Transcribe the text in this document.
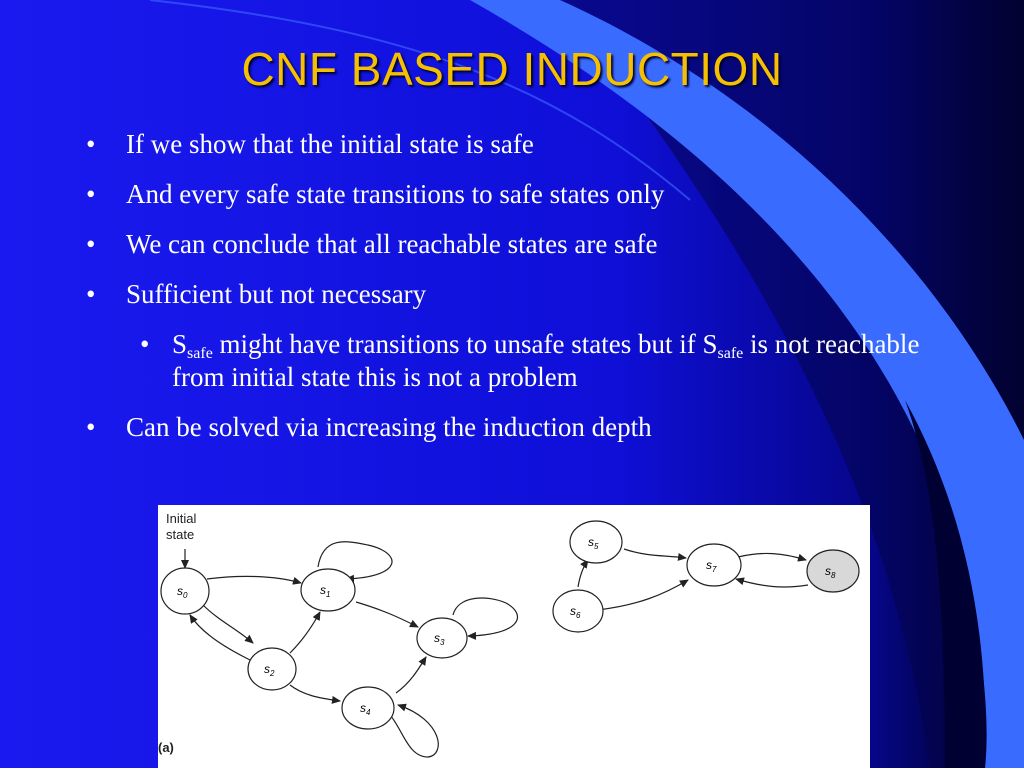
CNF BASED INDUCTION
• If we show that the initial state is safe
• And every safe state transitions to safe states only
• We can conclude that all reachable states are safe
• Sufficient but not necessary
• $S_{safe}$ might have transitions to unsafe states but if $S_{safe}$ is not reachable from initial state this is not a problem
• Can be solved via increasing the induction depth
$s_0$	$s_1$
$s_2$
$s_3$
$s_4$
$s_5$
$s_6$
$s_7$	$s_8$
Initial
state
(a)
